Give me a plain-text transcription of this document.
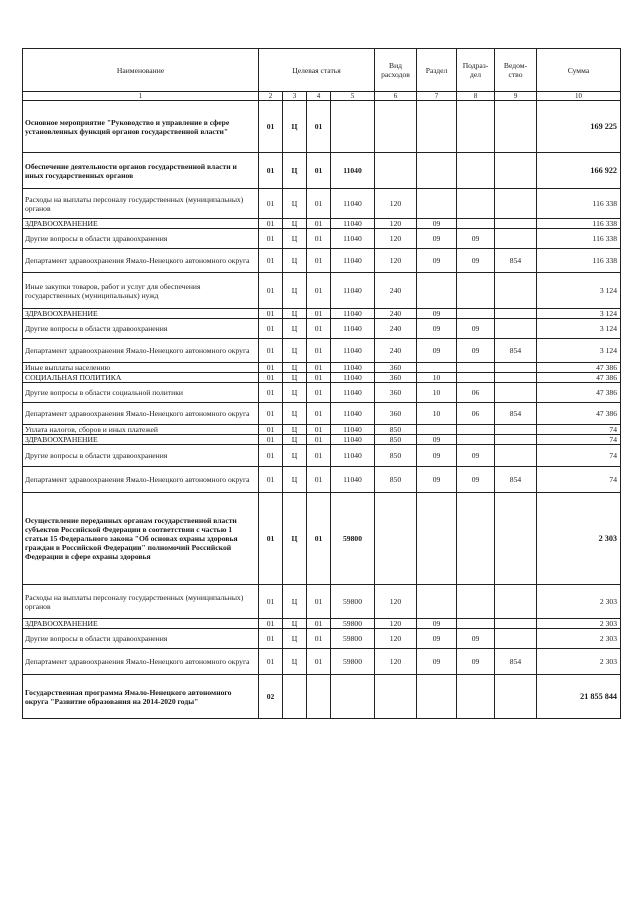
Наименование	Целевая статья				Вид расходов	Раздел	Подраз-дел	Ведом-ство	Сумма
1	2	3	4	5	6	7	8	9	10
Основное мероприятие "Руководство и управление в сфере установленных функций органов государственной власти"	01	Ц	01						169 225
Обеспечение деятельности органов государственной власти и иных государственных органов	01	Ц	01	11040					166 922
Расходы на выплаты персоналу государственных (муниципальных) органов	01	Ц	01	11040	120				116 338
ЗДРАВООХРАНЕНИЕ	01	Ц	01	11040	120	09			116 338
Другие вопросы в области здравоохранения	01	Ц	01	11040	120	09	09		116 338
Департамент здравоохранения Ямало-Ненецкого автономного округа	01	Ц	01	11040	120	09	09	854	116 338
Иные закупки товаров, работ и услуг для обеспечения государственных (муниципальных) нужд	01	Ц	01	11040	240				3 124
ЗДРАВООХРАНЕНИЕ	01	Ц	01	11040	240	09			3 124
Другие вопросы в области здравоохранения	01	Ц	01	11040	240	09	09		3 124
Департамент здравоохранения Ямало-Ненецкого автономного округа	01	Ц	01	11040	240	09	09	854	3 124
Иные выплаты населению	01	Ц	01	11040	360				47 386
СОЦИАЛЬНАЯ ПОЛИТИКА	01	Ц	01	11040	360	10			47 386
Другие вопросы в области социальной политики	01	Ц	01	11040	360	10	06		47 386
Департамент здравоохранения Ямало-Ненецкого автономного округа	01	Ц	01	11040	360	10	06	854	47 386
Уплата налогов, сборов и иных платежей	01	Ц	01	11040	850				74
ЗДРАВООХРАНЕНИЕ	01	Ц	01	11040	850	09			74
Другие вопросы в области здравоохранения	01	Ц	01	11040	850	09	09		74
Департамент здравоохранения Ямало-Ненецкого автономного округа	01	Ц	01	11040	850	09	09	854	74
Осуществление переданных органам государственной власти субъектов Российской Федерации в соответствии с частью 1 статьи 15 Федерального закона "Об основах охраны здоровья граждан в Российской Федерации" полномочий Российской Федерации в сфере охраны здоровья	01	Ц	01	59800					2 303
Расходы на выплаты персоналу государственных (муниципальных) органов	01	Ц	01	59800	120				2 303
ЗДРАВООХРАНЕНИЕ	01	Ц	01	59800	120	09			2 303
Другие вопросы в области здравоохранения	01	Ц	01	59800	120	09	09		2 303
Департамент здравоохранения Ямало-Ненецкого автономного округа	01	Ц	01	59800	120	09	09	854	2 303
Государственная программа Ямало-Ненецкого автономного округа "Развитие образования на 2014-2020 годы"	02								21 855 844
